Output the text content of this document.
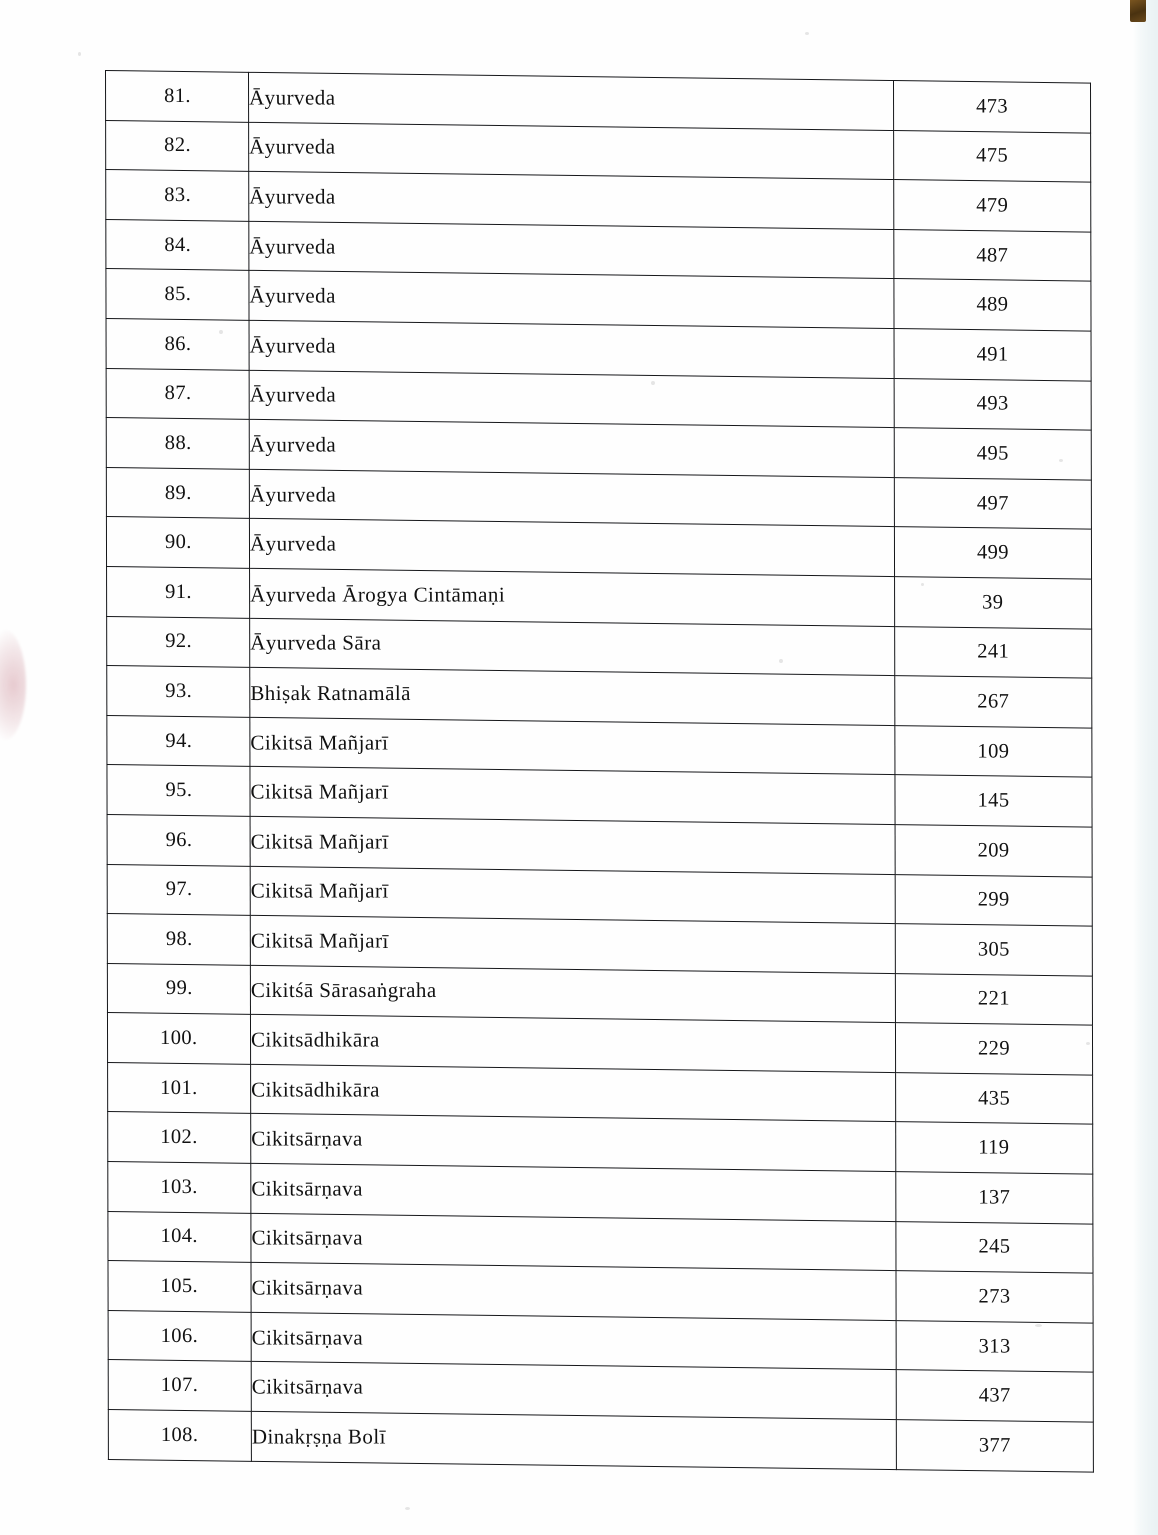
81.	Āyurveda	473
82.	Āyurveda	475
83.	Āyurveda	479
84.	Āyurveda	487
85.	Āyurveda	489
86.	Āyurveda	491
87.	Āyurveda	493
88.	Āyurveda	495
89.	Āyurveda	497
90.	Āyurveda	499
91.	Āyurveda Ārogya Cintāmaṇi	39
92.	Āyurveda Sāra	241
93.	Bhiṣak Ratnamālā	267
94.	Cikitsā Mañjarī	109
95.	Cikitsā Mañjarī	145
96.	Cikitsā Mañjarī	209
97.	Cikitsā Mañjarī	299
98.	Cikitsā Mañjarī	305
99.	Cikitśā Sārasaṅgraha	221
100.	Cikitsādhikāra	229
101.	Cikitsādhikāra	435
102.	Cikitsārṇava	119
103.	Cikitsārṇava	137
104.	Cikitsārṇava	245
105.	Cikitsārṇava	273
106.	Cikitsārṇava	313
107.	Cikitsārṇava	437
108.	Dinakṛṣṇa Bolī	377
